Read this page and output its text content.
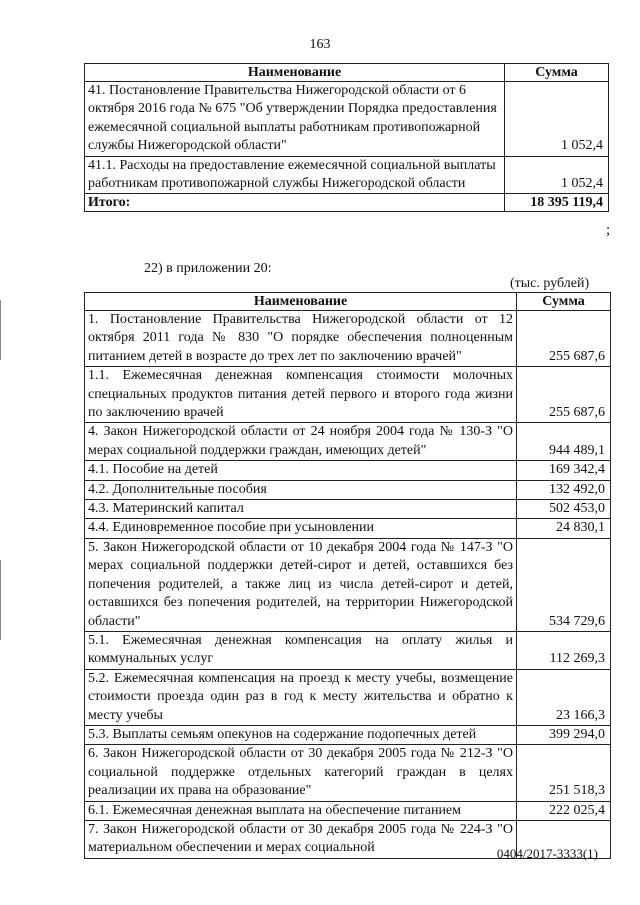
163
Наименование	Сумма
41. Постановление Правительства Нижегородской области от 6 октября 2016 года № 675 "Об утверждении Порядка предоставления ежемесячной социальной выплаты работникам противопожарной службы Нижегородской области"	1 052,4
41.1. Расходы на предоставление ежемесячной социальной выплаты работникам противопожарной службы Нижегородской области	1 052,4
Итого:	18 395 119,4
;
22) в приложении 20:
(тыс. рублей)
Наименование	Сумма
1. Постановление Правительства Нижегородской области от 12 октября 2011 года № 830 "О порядке обеспечения полноценным питанием детей в возрасте до трех лет по заключению врачей"	255 687,6
1.1. Ежемесячная денежная компенсация стоимости молочных специальных продуктов питания детей первого и второго года жизни по заключению врачей	255 687,6
4. Закон Нижегородской области от 24 ноября 2004 года № 130-З "О мерах социальной поддержки граждан, имеющих детей"	944 489,1
4.1. Пособие на детей	169 342,4
4.2. Дополнительные пособия	132 492,0
4.3. Материнский капитал	502 453,0
4.4. Единовременное пособие при усыновлении	24 830,1
5. Закон Нижегородской области от 10 декабря 2004 года № 147-З "О мерах социальной поддержки детей-сирот и детей, оставшихся без попечения родителей, а также лиц из числа детей-сирот и детей, оставшихся без попечения родителей, на территории Нижегородской области"	534 729,6
5.1. Ежемесячная денежная компенсация на оплату жилья и коммунальных услуг	112 269,3
5.2. Ежемесячная компенсация на проезд к месту учебы, возмещение стоимости проезда один раз в год к месту жительства и обратно к месту учебы	23 166,3
5.3. Выплаты семьям опекунов на содержание подопечных детей	399 294,0
6. Закон Нижегородской области от 30 декабря 2005 года № 212-З "О социальной поддержке отдельных категорий граждан в целях реализации их права на образование"	251 518,3
6.1. Ежемесячная денежная выплата на обеспечение питанием	222 025,4
7. Закон Нижегородской области от 30 декабря 2005 года № 224-З "О материальном обеспечении и мерах социальной		0404/2017-3333(1)
